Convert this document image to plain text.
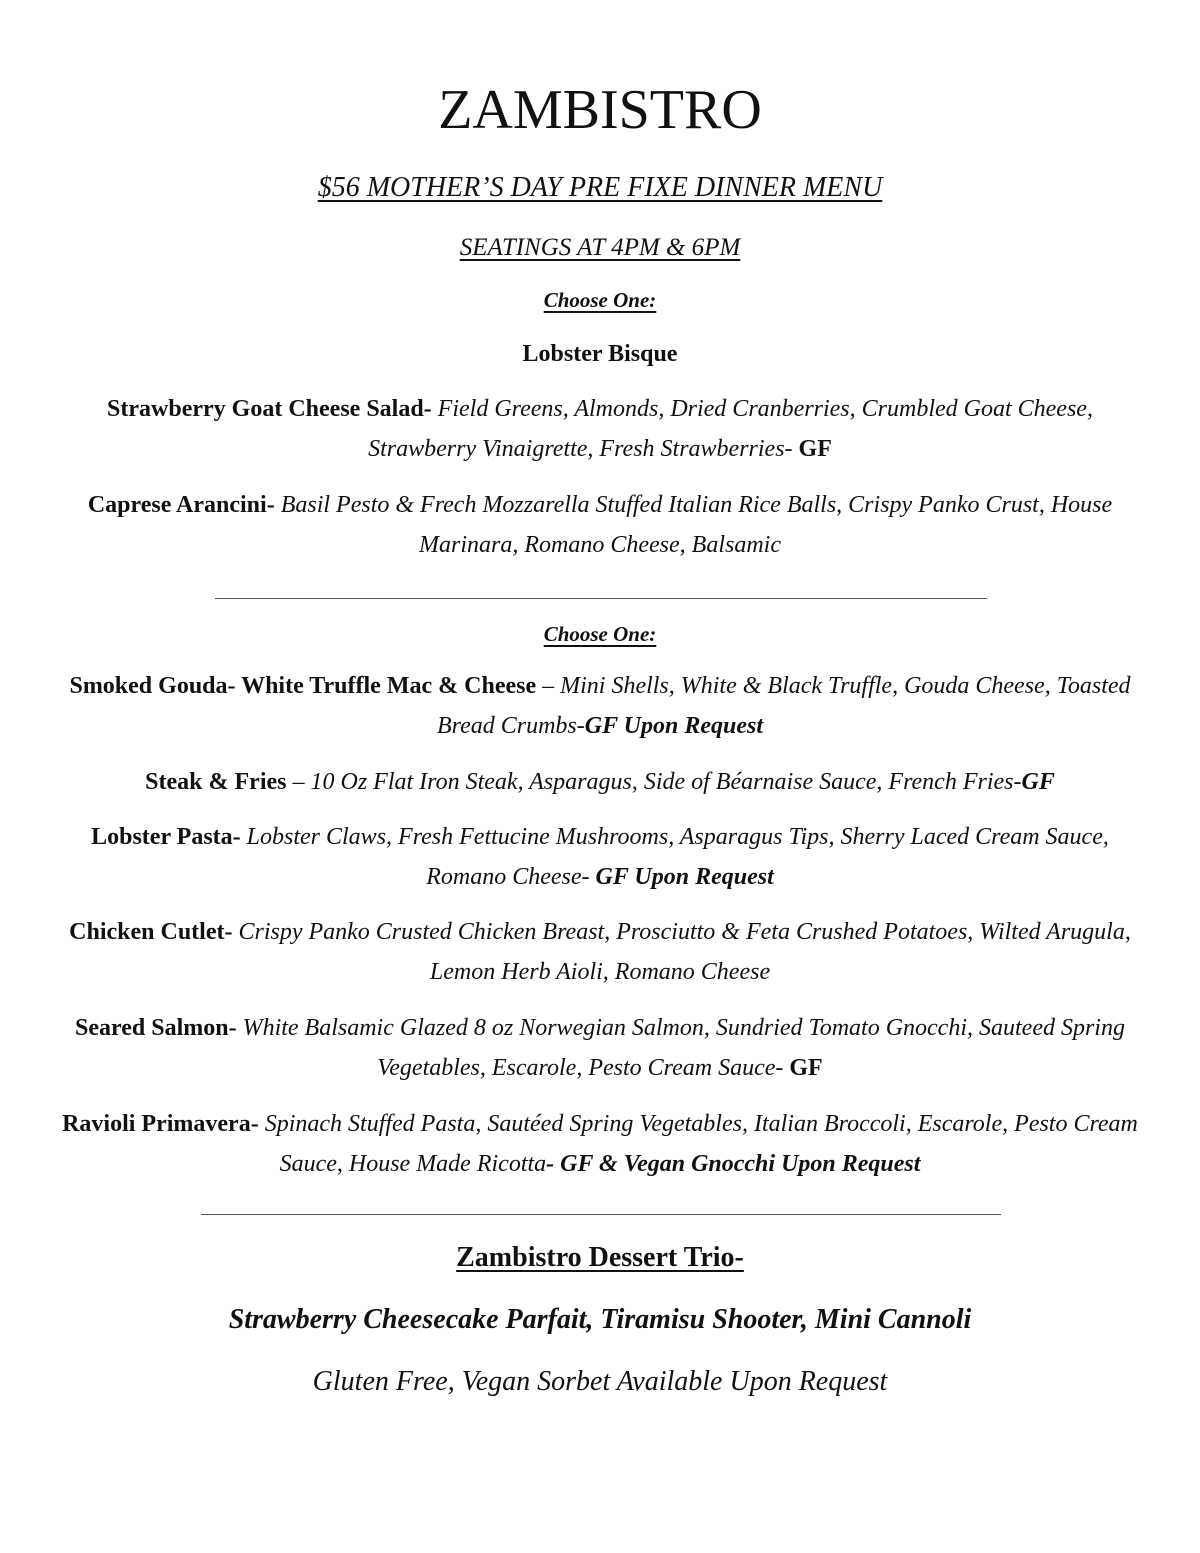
ZAMBISTRO
$56 MOTHER’S DAY PRE FIXE DINNER MENU
SEATINGS AT 4PM & 6PM
Choose One:
Lobster Bisque
Strawberry Goat Cheese Salad- Field Greens, Almonds, Dried Cranberries, Crumbled Goat Cheese, Strawberry Vinaigrette, Fresh Strawberries- GF
Caprese Arancini- Basil Pesto & Frech Mozzarella Stuffed Italian Rice Balls, Crispy Panko Crust, House Marinara, Romano Cheese, Balsamic
Choose One:
Smoked Gouda- White Truffle Mac & Cheese – Mini Shells, White & Black Truffle, Gouda Cheese, Toasted Bread Crumbs-GF Upon Request
Steak & Fries – 10 Oz Flat Iron Steak, Asparagus, Side of Béarnaise Sauce, French Fries-GF
Lobster Pasta- Lobster Claws, Fresh Fettucine Mushrooms, Asparagus Tips, Sherry Laced Cream Sauce, Romano Cheese- GF Upon Request
Chicken Cutlet- Crispy Panko Crusted Chicken Breast, Prosciutto & Feta Crushed Potatoes, Wilted Arugula, Lemon Herb Aioli, Romano Cheese
Seared Salmon- White Balsamic Glazed 8 oz Norwegian Salmon, Sundried Tomato Gnocchi, Sauteed Spring Vegetables, Escarole, Pesto Cream Sauce- GF
Ravioli Primavera- Spinach Stuffed Pasta, Sautéed Spring Vegetables, Italian Broccoli, Escarole, Pesto Cream Sauce, House Made Ricotta- GF & Vegan Gnocchi Upon Request
Zambistro Dessert Trio-
Strawberry Cheesecake Parfait, Tiramisu Shooter, Mini Cannoli
Gluten Free, Vegan Sorbet Available Upon Request
